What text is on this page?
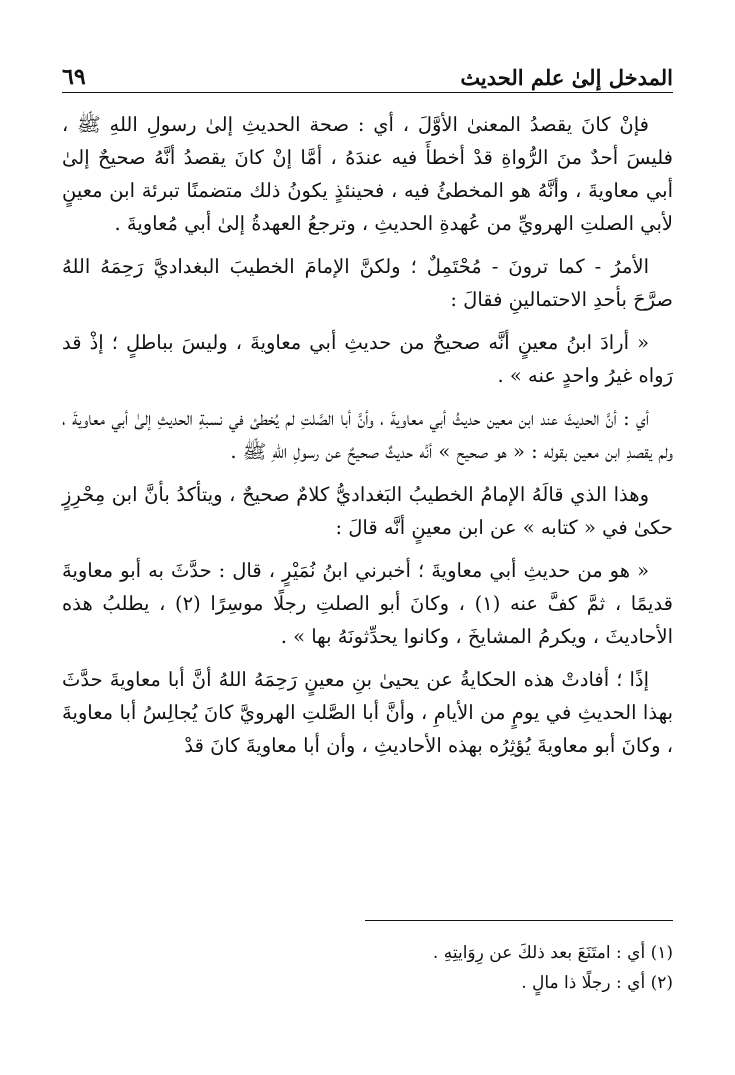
المدخل إلىٰ علم الحديث
٦٩

فإنْ كانَ يقصدُ المعنىٰ الأوَّلَ ، أي : صحة الحديثِ إلىٰ رسولِ اللهِ ﷺ ، فليسَ أحدٌ منَ الرُّواةِ قدْ أخطأَ فيه عندَهُ ، أمَّا إنْ كانَ يقصدُ أنَّهُ صحيحٌ إلىٰ أبي معاويةَ ، وأنَّهُ هو المخطئُ فيه ، فحينئذٍ يكونُ ذلك متضمنًا تبرئة ابن معينٍ لأبي الصلتِ الهرويِّ من عُهدةِ الحديثِ ، وترجعُ العهدةُ إلىٰ أبي مُعاويةَ .

الأمرُ - كما ترونَ - مُحْتَمِلٌ ؛ ولكنَّ الإمامَ الخطيبَ البغداديَّ رَحِمَهُ اللهُ صرَّحَ بأحدِ الاحتمالينِ فقالَ :

« أرادَ ابنُ معينٍ أنَّه صحيحٌ من حديثِ أبي معاويةَ ، وليسَ بباطلٍ ؛ إذْ قد رَواه غيرُ واحدٍ عنه » .

أي : أنَّ الحديثَ عند ابن معين حديثُ أبي معاويةَ ، وأنَّ أبا الصَّلتِ لم يُخطئ في نسبةِ الحديثِ إلىٰ أبي معاويةَ ، ولم يقصدِ ابن معين بقوله : « هو صحيح » أنَّه حديثٌ صحيحٌ عن رسولِ اللهِ ﷺ .

وهذا الذي قالَهُ الإمامُ الخطيبُ البَغداديُّ كلامٌ صحيحٌ ، ويتأكدُ بأنَّ ابن مِحْرِزٍ حكىٰ في « كتابه » عن ابن معينٍ أنَّه قالَ :

« هو من حديثِ أبي معاويةَ ؛ أخبرني ابنُ نُمَيْرٍ ، قال : حدَّثَ به أبو معاويةَ قديمًا ، ثمَّ كفَّ عنه (١) ، وكانَ أبو الصلتِ رجلًا موسِرًا (٢) ، يطلبُ هذه الأحاديثَ ، ويكرمُ المشايخَ ، وكانوا يحدِّثونَهُ بها » .

إذًا ؛ أفادتْ هذه الحكايةُ عن يحيىٰ بنِ معينٍ رَحِمَهُ اللهُ أنَّ أبا معاويةَ حدَّثَ بهذا الحديثِ في يومٍ من الأيامِ ، وأنَّ أبا الصَّلتِ الهرويَّ كانَ يُجالِسُ أبا معاويةَ ، وكانَ أبو معاويةَ يُؤثِرُه بهذه الأحاديثِ ، وأن أبا معاويةَ كانَ قدْ

(١) أي : امتَنَعَ بعد ذلكَ عن رِوَايتِهِ .
(٢) أي : رجلًا ذا مالٍ .
